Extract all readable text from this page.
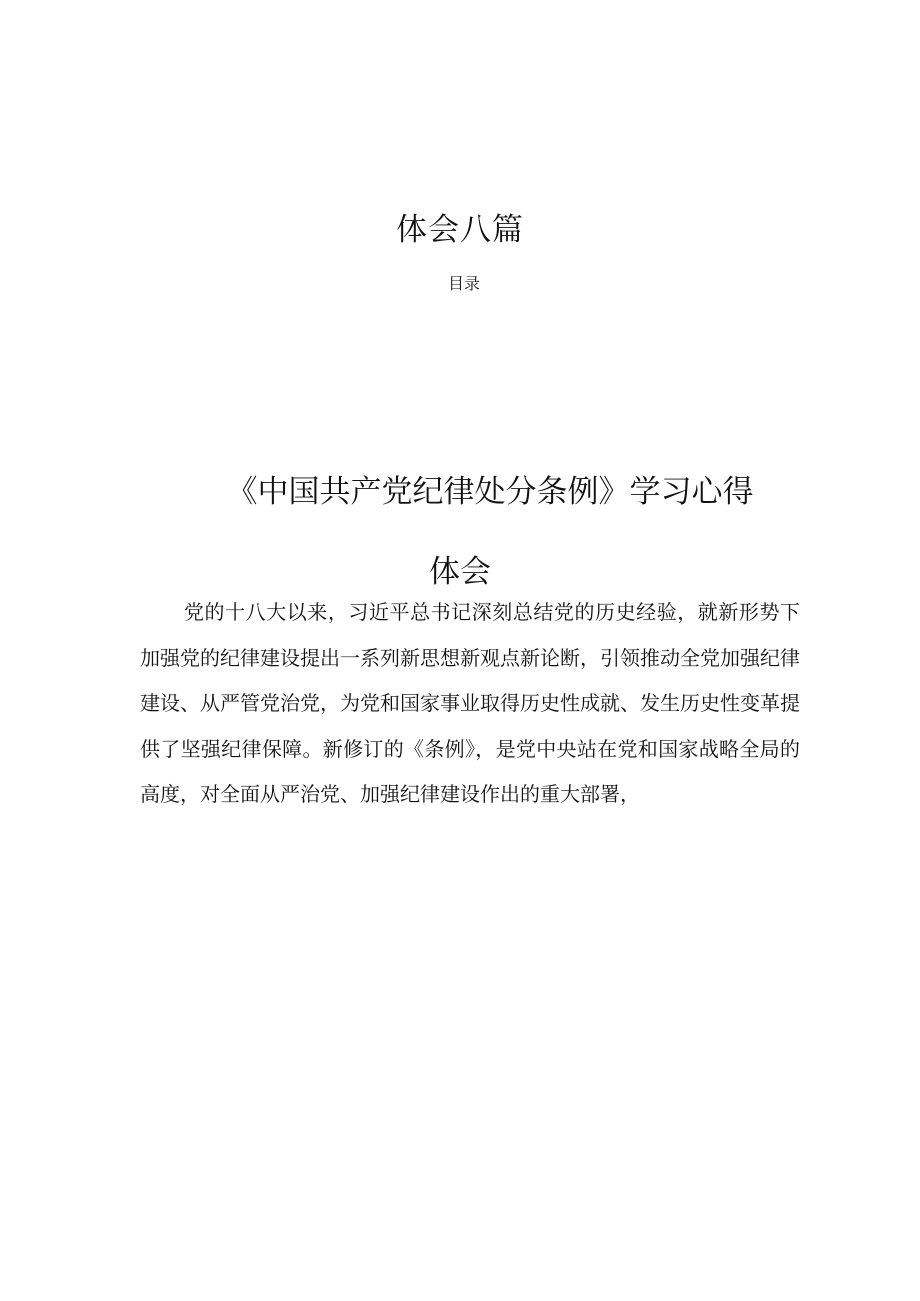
体会八篇
目录
《中国共产党纪律处分条例》学习心得
体会

党的十八大以来，习近平总书记深刻总结党的历史经验，就新形势下加强党的纪律建设提出一系列新思想新观点新论断，引领推动全党加强纪律建设、从严管党治党，为党和国家事业取得历史性成就、发生历史性变革提供了坚强纪律保障。新修订的《条例》，是党中央站在党和国家战略全局的高度，对全面从严治党、加强纪律建设作出的重大部署，
